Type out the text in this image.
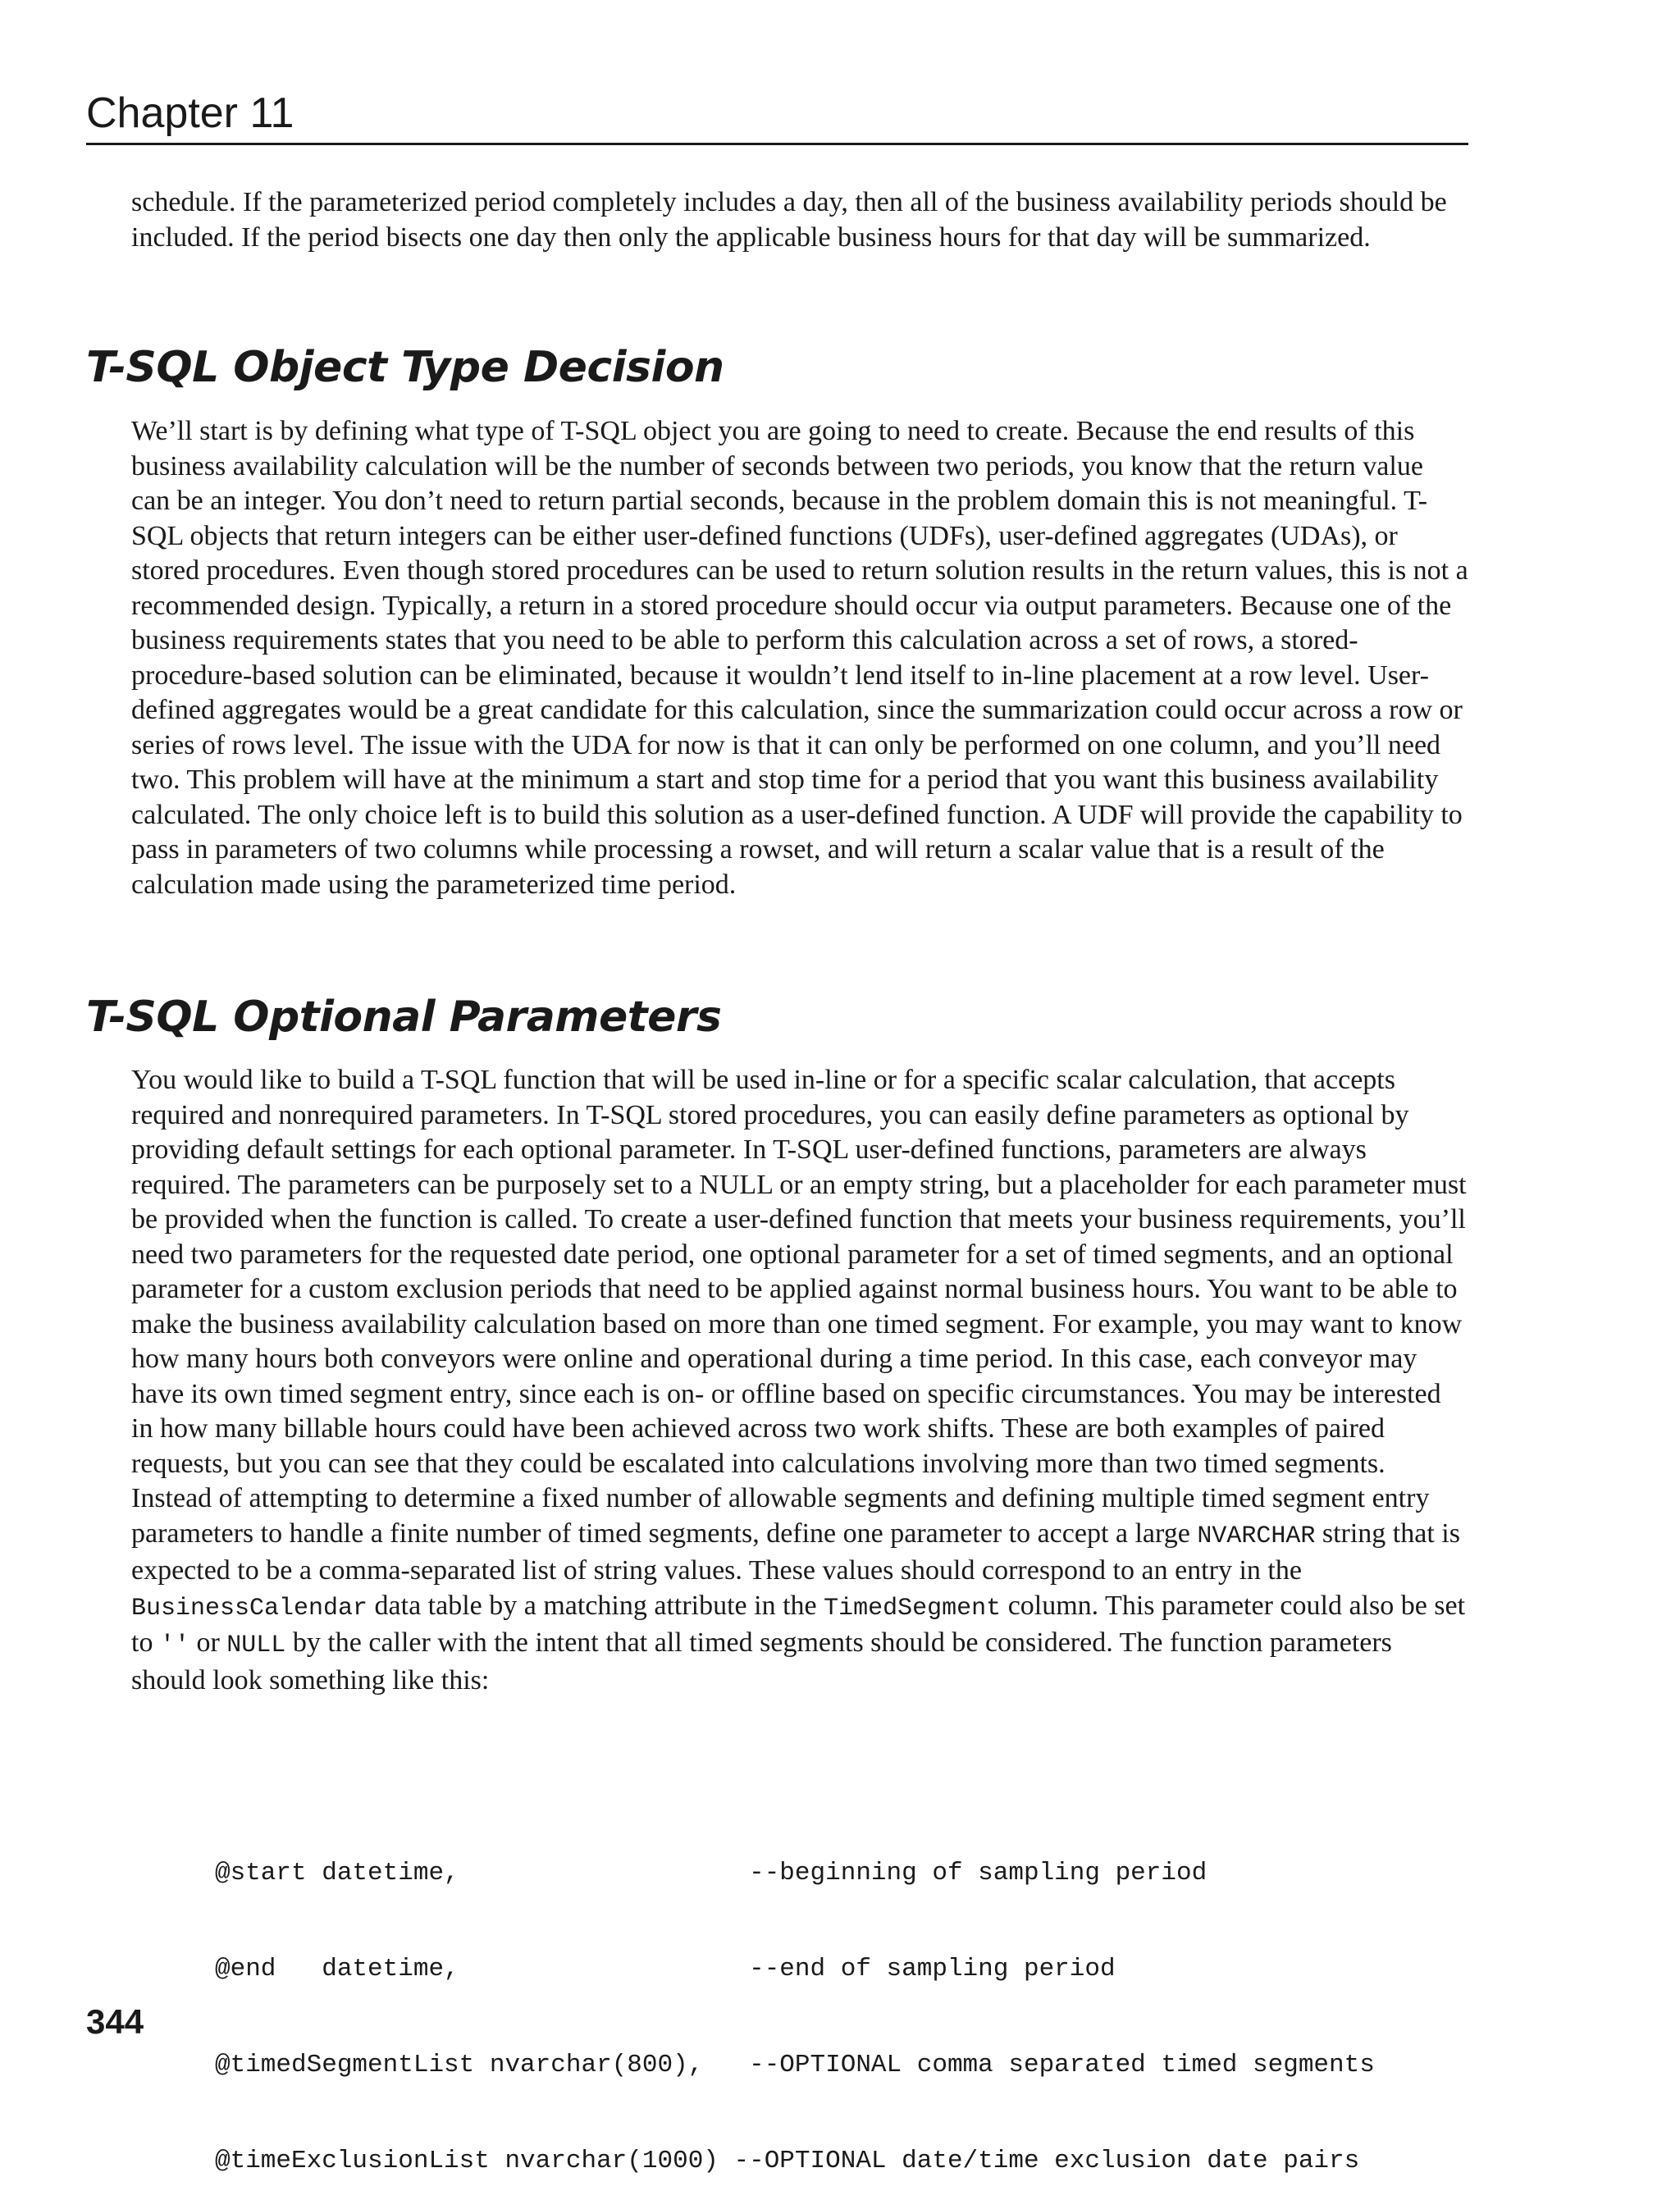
Chapter 11

schedule. If the parameterized period completely includes a day, then all of the business availability periods should be included. If the period bisects one day then only the applicable business hours for that day will be summarized.

T-SQL Object Type Decision

We’ll start is by defining what type of T-SQL object you are going to need to create. Because the end results of this business availability calculation will be the number of seconds between two periods, you know that the return value can be an integer. You don’t need to return partial seconds, because in the problem domain this is not meaningful. T-SQL objects that return integers can be either user-defined functions (UDFs), user-defined aggregates (UDAs), or stored procedures. Even though stored procedures can be used to return solution results in the return values, this is not a recommended design. Typically, a return in a stored procedure should occur via output parameters. Because one of the business requirements states that you need to be able to perform this calculation across a set of rows, a stored-procedure-based solution can be eliminated, because it wouldn’t lend itself to in-line placement at a row level. User-defined aggregates would be a great candidate for this calculation, since the summarization could occur across a row or series of rows level. The issue with the UDA for now is that it can only be performed on one column, and you’ll need two. This problem will have at the minimum a start and stop time for a period that you want this business availability calculated. The only choice left is to build this solution as a user-defined function. A UDF will provide the capability to pass in parameters of two columns while processing a rowset, and will return a scalar value that is a result of the calculation made using the parameterized time period.

T-SQL Optional Parameters

You would like to build a T-SQL function that will be used in-line or for a specific scalar calculation, that accepts required and nonrequired parameters. In T-SQL stored procedures, you can easily define parameters as optional by providing default settings for each optional parameter. In T-SQL user-defined functions, parameters are always required. The parameters can be purposely set to a NULL or an empty string, but a placeholder for each parameter must be provided when the function is called. To create a user-defined function that meets your business requirements, you’ll need two parameters for the requested date period, one optional parameter for a set of timed segments, and an optional parameter for a custom exclusion periods that need to be applied against normal business hours. You want to be able to make the business availability calculation based on more than one timed segment. For example, you may want to know how many hours both conveyors were online and operational during a time period. In this case, each conveyor may have its own timed segment entry, since each is on- or offline based on specific circumstances. You may be interested in how many billable hours could have been achieved across two work shifts. These are both examples of paired requests, but you can see that they could be escalated into calculations involving more than two timed segments. Instead of attempting to determine a fixed number of allowable segments and defining multiple timed segment entry parameters to handle a finite number of timed segments, define one parameter to accept a large NVARCHAR string that is expected to be a comma-separated list of string values. These values should correspond to an entry in the BusinessCalendar data table by a matching attribute in the TimedSegment column. This parameter could also be set to '' or NULL by the caller with the intent that all timed segments should be considered. The function parameters should look something like this:

@start datetime,                   --beginning of sampling period

@end   datetime,                   --end of sampling period

@timedSegmentList nvarchar(800),   --OPTIONAL comma separated timed segments

@timeExclusionList nvarchar(1000) --OPTIONAL date/time exclusion date pairs

344
